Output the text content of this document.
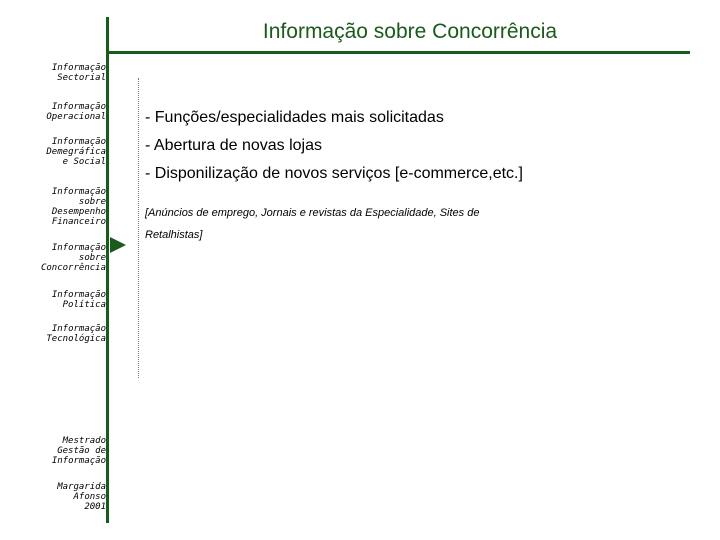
Informação sobre Concorrência
Informação
Sectorial
Informação
Operacional
Informação
Demegráfica
e Social
Informação
sobre
Desempenho
Financeiro
Informação
sobre
Concorrência
Informação
Política
Informação
Tecnológica
Mestrado
Gestão de
Informação
Margarida
Afonso
2001
- Funções/especialidades mais solicitadas
- Abertura de novas lojas
- Disponilização de novos serviços [e-commerce,etc.]
[Anúncios de emprego, Jornais e revistas da Especialidade, Sites de Retalhistas]
